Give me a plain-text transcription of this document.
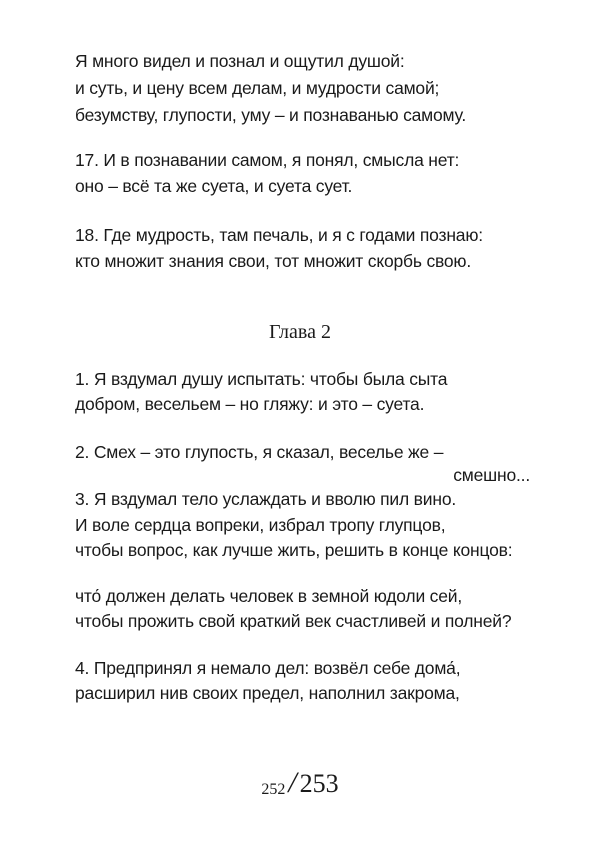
Я много видел и познал и ощутил душой:
и суть, и цену всем делам, и мудрости самой;
безумству, глупости, уму – и познаванью самому.
17. И в познавании самом, я понял, смысла нет:
оно – всё та же суета, и суета сует.
18. Где мудрость, там печаль, и я с годами познаю:
кто множит знания свои, тот множит скорбь свою.
Глава 2
1. Я вздумал душу испытать: чтобы была сыта
добром, весельем – но гляжу: и это – суета.
2. Смех – это глупость, я сказал, веселье же –
смешно...
3. Я вздумал тело услаждать и вволю пил вино.
И воле сердца вопреки, избрал тропу глупцов,
чтобы вопрос, как лучше жить, решить в конце концов:
что́ должен делать человек в земной юдоли сей,
чтобы прожить свой краткий век счастливей и полней?
4. Предпринял я немало дел: возвёл себе дома́,
расширил нив своих предел, наполнил закрома,
252 / 253
